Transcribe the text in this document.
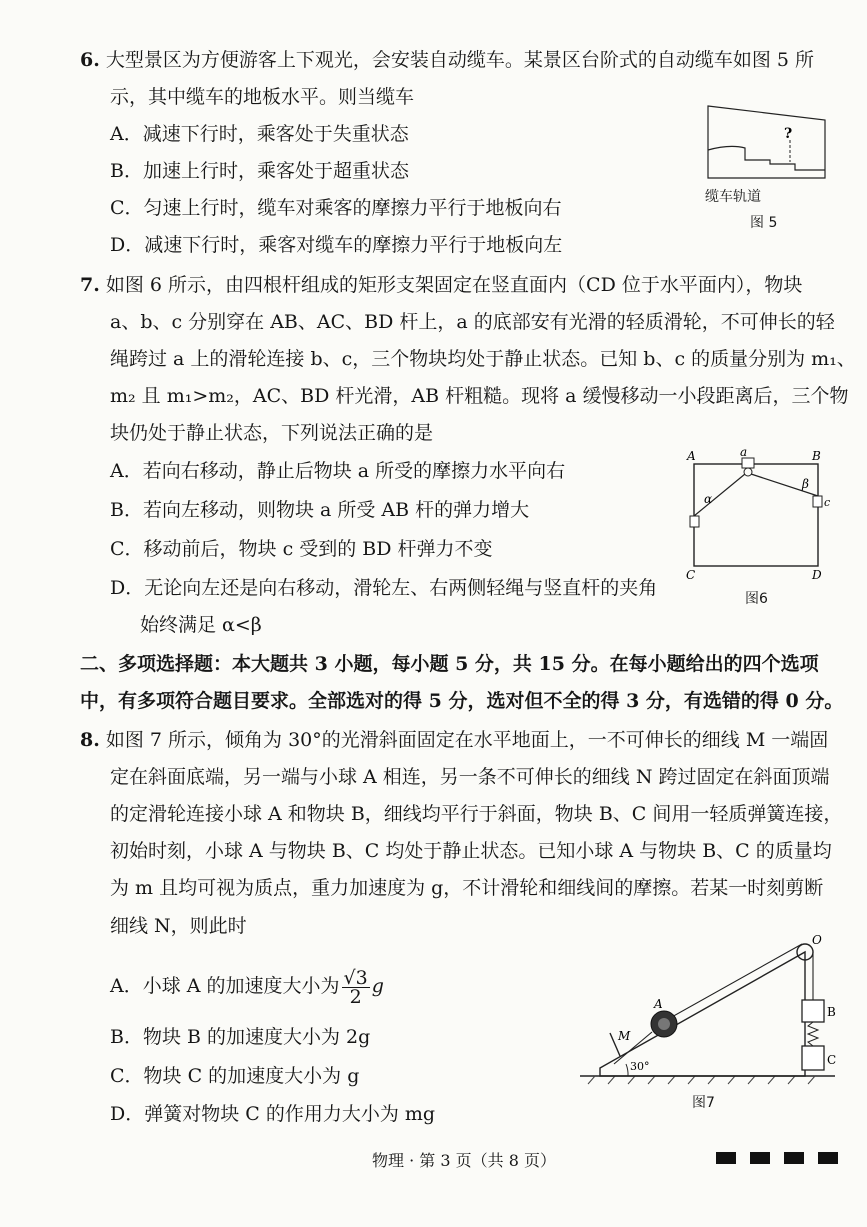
6. 大型景区为方便游客上下观光，会安装自动缆车。某景区台阶式的自动缆车如图 5 所
示，其中缆车的地板水平。则当缆车
A．减速下行时，乘客处于失重状态
B．加速上行时，乘客处于超重状态
C．匀速上行时，缆车对乘客的摩擦力平行于地板向右
D．减速下行时，乘客对缆车的摩擦力平行于地板向左
?
缆车轨道
图 5
7. 如图 6 所示，由四根杆组成的矩形支架固定在竖直面内（CD 位于水平面内），物块
a、b、c 分别穿在 AB、AC、BD 杆上，a 的底部安有光滑的轻质滑轮，不可伸长的轻
绳跨过 a 上的滑轮连接 b、c，三个物块均处于静止状态。已知 b、c 的质量分别为 m₁、
m₂ 且 m₁>m₂，AC、BD 杆光滑，AB 杆粗糙。现将 a 缓慢移动一小段距离后，三个物
块仍处于静止状态，下列说法正确的是
A．若向右移动，静止后物块 a 所受的摩擦力水平向右
B．若向左移动，则物块 a 所受 AB 杆的弹力增大
C．移动前后，物块 c 受到的 BD 杆弹力不变
D．无论向左还是向右移动，滑轮左、右两侧轻绳与竖直杆的夹角
始终满足 α<β
A	a	B
α
β
c
C	D
图6
二、多项选择题：本大题共 3 小题，每小题 5 分，共 15 分。在每小题给出的四个选项
中，有多项符合题目要求。全部选对的得 5 分，选对但不全的得 3 分，有选错的得 0 分。
8. 如图 7 所示，倾角为 30°的光滑斜面固定在水平地面上，一不可伸长的细线 M 一端固
定在斜面底端，另一端与小球 A 相连，另一条不可伸长的细线 N 跨过固定在斜面顶端
的定滑轮连接小球 A 和物块 B，细线均平行于斜面，物块 B、C 间用一轻质弹簧连接，
初始时刻，小球 A 与物块 B、C 均处于静止状态。已知小球 A 与物块 B、C 的质量均
为 m 且均可视为质点，重力加速度为 g，不计滑轮和细线间的摩擦。若某一时刻剪断
细线 N，则此时
A．小球 A 的加速度大小为 $\frac{√3}{2}$ g
B．物块 B 的加速度大小为 2g
C．物块 C 的加速度大小为 g
D．弹簧对物块 C 的作用力大小为 mg
O
A
M
B
C
30°
图7
物理 · 第 3 页（共 8 页）
